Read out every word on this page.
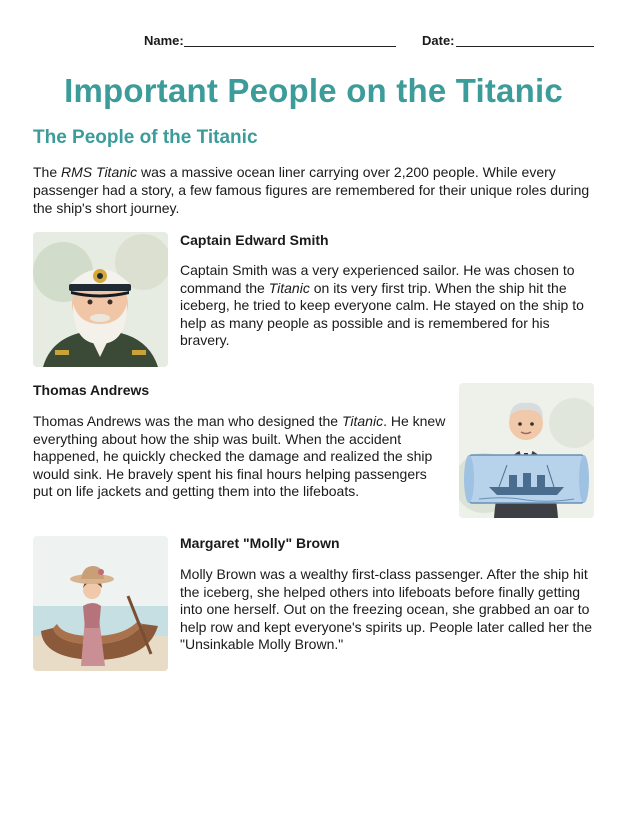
Name:	Date:
Important People on the Titanic
The People of the Titanic
The RMS Titanic was a massive ocean liner carrying over 2,200 people. While every passenger had a story, a few famous figures are remembered for their unique roles during the ship's short journey.
Captain Edward Smith
Captain Smith was a very experienced sailor. He was chosen to command the Titanic on its very first trip. When the ship hit the iceberg, he tried to keep everyone calm. He stayed on the ship to help as many people as possible and is remembered for his bravery.
Thomas Andrews
Thomas Andrews was the man who designed the Titanic. He knew everything about how the ship was built. When the accident happened, he quickly checked the damage and realized the ship would sink. He bravely spent his final hours helping passengers put on life jackets and getting them into the lifeboats.
Margaret "Molly" Brown
Molly Brown was a wealthy first-class passenger. After the ship hit the iceberg, she helped others into lifeboats before finally getting into one herself. Out on the freezing ocean, she grabbed an oar to help row and kept everyone's spirits up. People later called her the "Unsinkable Molly Brown."
